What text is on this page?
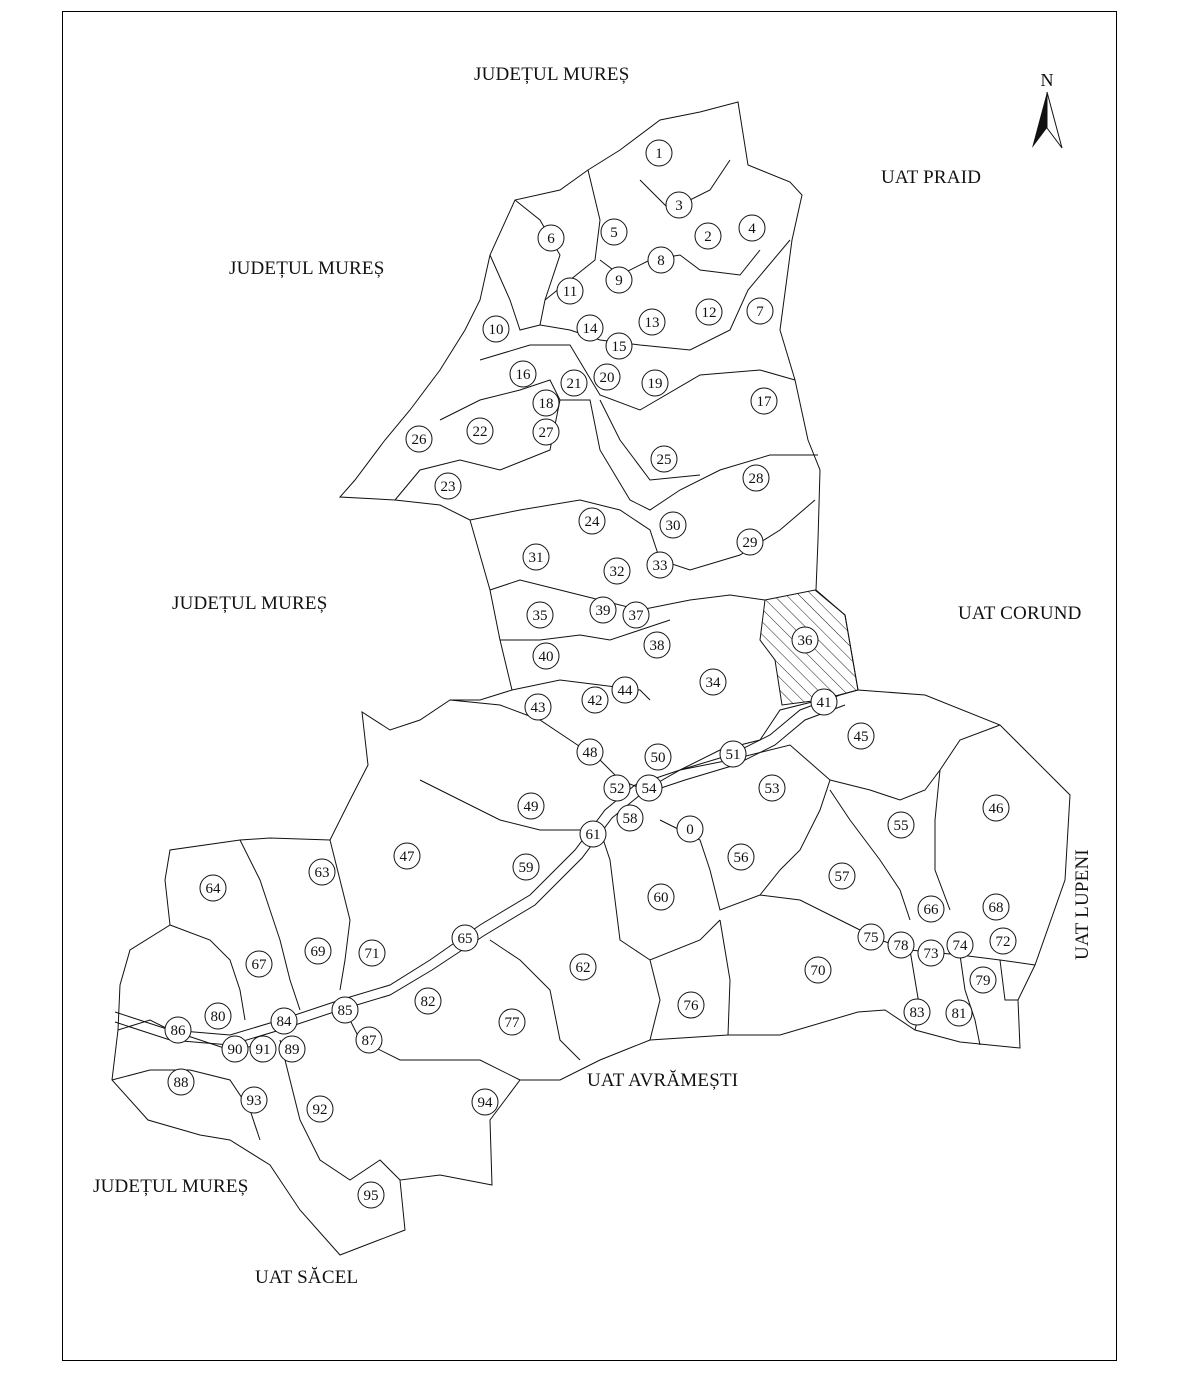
N
1
2
3
4
5
6
7
8
9
10
11
12
13
14
15
16
17
18
19
20
21
22
23
24
25
26	27
28
29
30
31
32 33
34
35
36
37
38
39
40
41
42
43
44
45
46
47
48
49
50	51
52	53
54
55
56
57
58
59
60
61
62
63
64
65
66
67
68
69
70
71
72
73 74
75
76
77
78
79
80	81
82
83
84
85
86
87
88
89
90 91
92
93	94
95
0
JUDEȚUL MUREȘ
JUDEȚUL MUREȘ
JUDEȚUL MUREȘ
JUDEȚUL MUREȘ
UAT PRAID
UAT CORUND
UAT LUPENI
UAT AVRĂMEȘTI
UAT SĂCEL
